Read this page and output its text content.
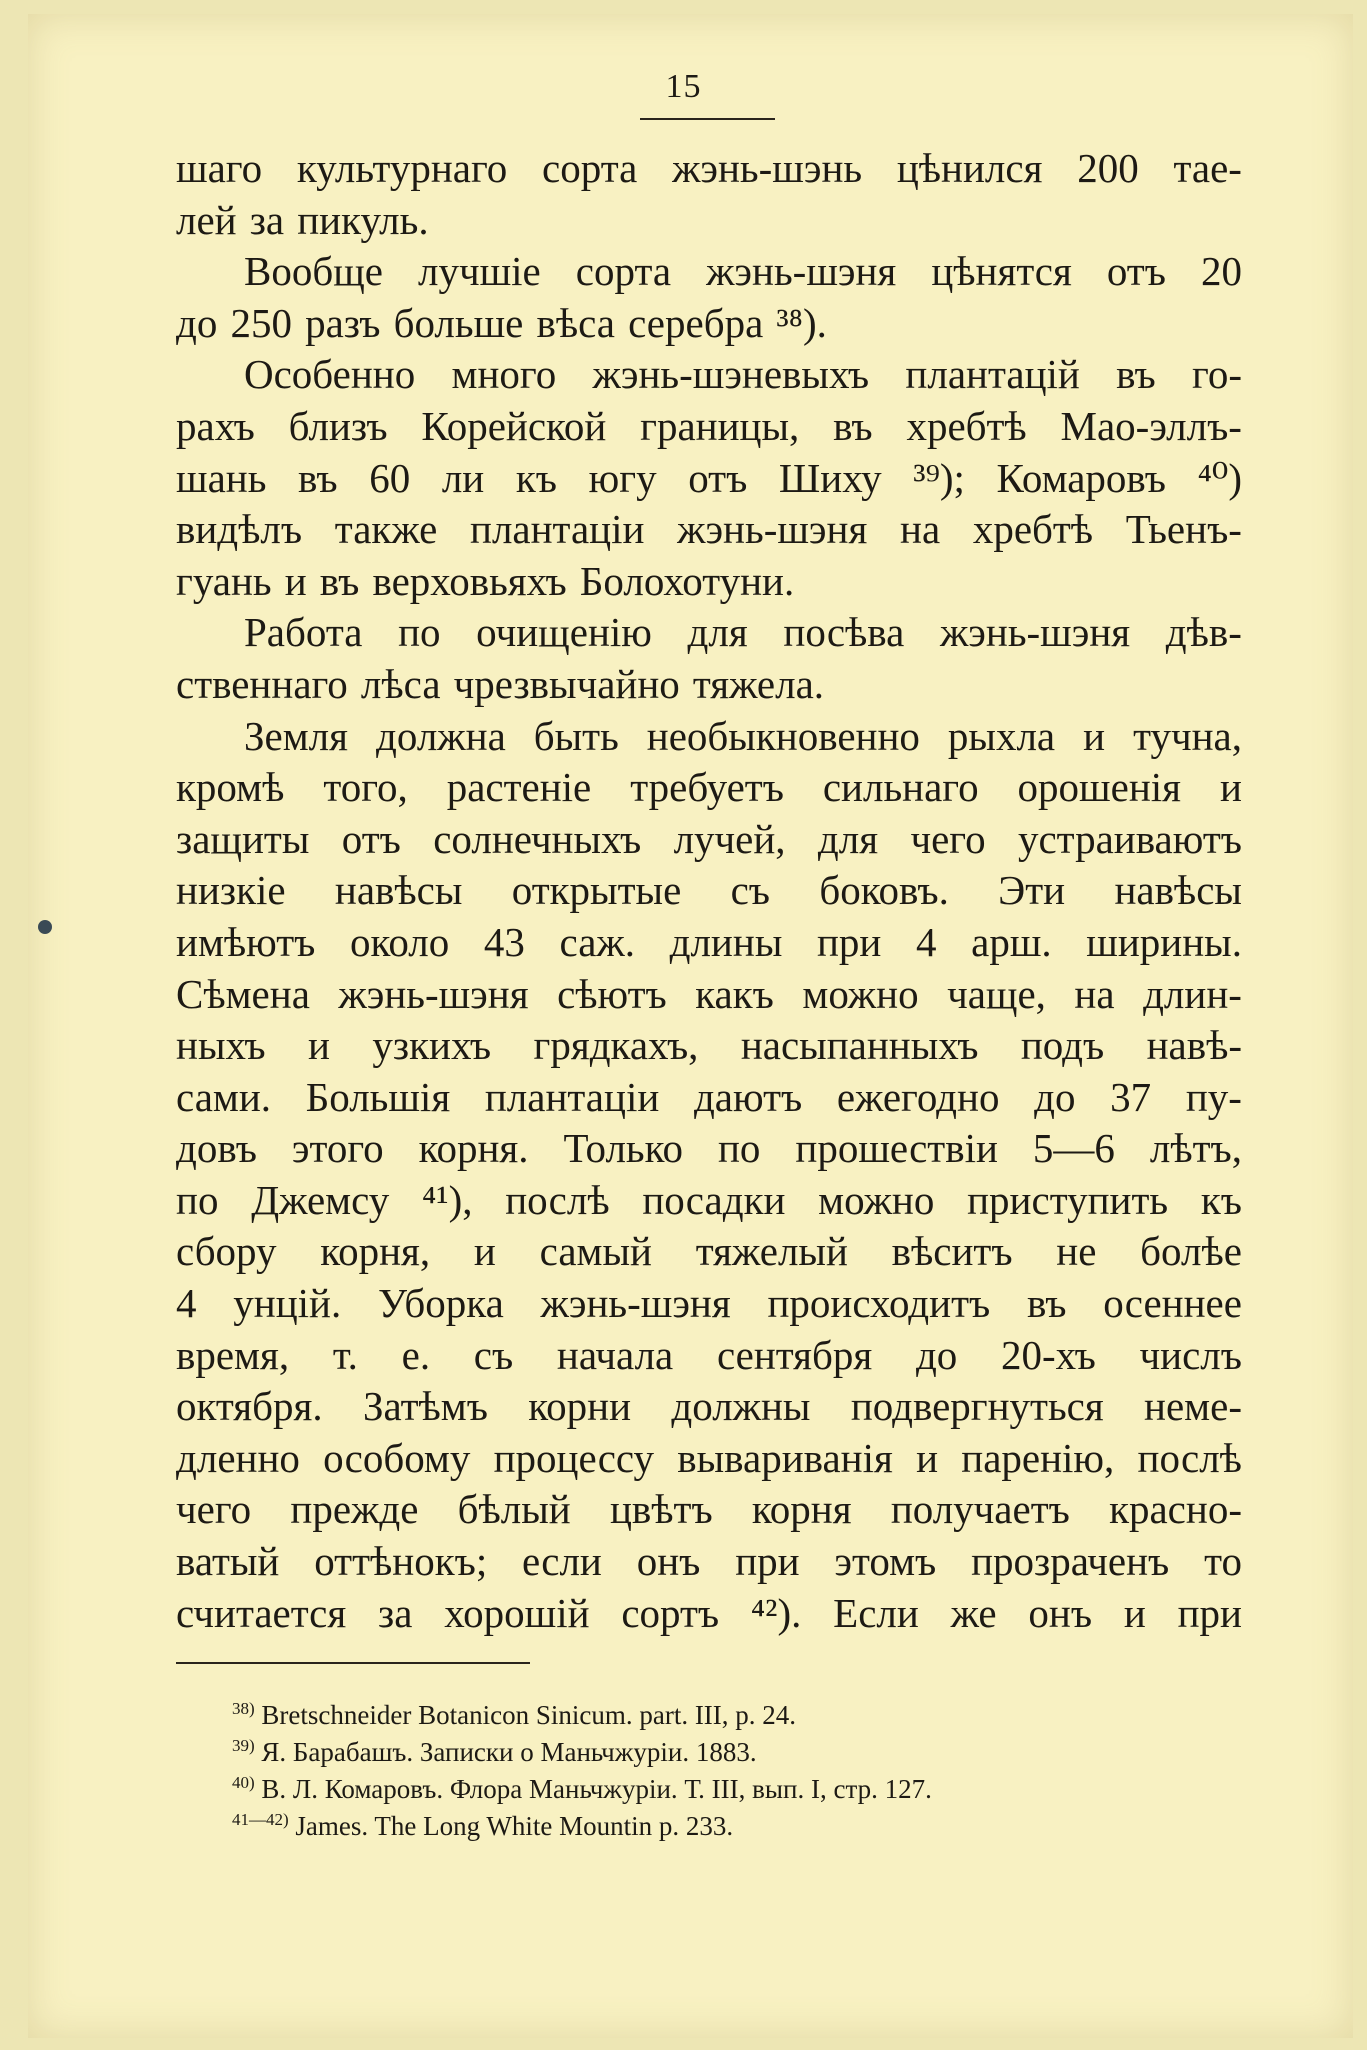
15
шаго культурнаго сорта жэнь-шэнь цѣнился 200 тае-
лей за пикуль.
Вообще лучшіе сорта жэнь-шэня цѣнятся отъ 20
до 250 разъ больше вѣса серебра ³⁸).
Особенно много жэнь-шэневыхъ плантацій въ го-
рахъ близъ Корейской границы, въ хребтѣ Мао-эллъ-
шань въ 60 ли къ югу отъ Шиху ³⁹); Комаровъ ⁴⁰)
видѣлъ также плантаціи жэнь-шэня на хребтѣ Тьенъ-
гуань и въ верховьяхъ Болохотуни.
Работа по очищенію для посѣва жэнь-шэня дѣв-
ственнаго лѣса чрезвычайно тяжела.
Земля должна быть необыкновенно рыхла и тучна,
кромѣ того, растеніе требуетъ сильнаго орошенія и
защиты отъ солнечныхъ лучей, для чего устраиваютъ
низкіе навѣсы открытые съ боковъ. Эти навѣсы
имѣютъ около 43 саж. длины при 4 арш. ширины.
Сѣмена жэнь-шэня сѣютъ какъ можно чаще, на длин-
ныхъ и узкихъ грядкахъ, насыпанныхъ подъ навѣ-
сами. Большія плантаціи даютъ ежегодно до 37 пу-
довъ этого корня. Только по прошествіи 5—6 лѣтъ,
по Джемсу ⁴¹), послѣ посадки можно приступить къ
сбору корня, и самый тяжелый вѣситъ не болѣе
4 унцій. Уборка жэнь-шэня происходитъ въ осеннее
время, т. е. съ начала сентября до 20-хъ числъ
октября. Затѣмъ корни должны подвергнуться неме-
дленно особому процессу вывариванія и паренію, послѣ
чего прежде бѣлый цвѣтъ корня получаетъ красно-
ватый оттѣнокъ; если онъ при этомъ прозраченъ то
считается за хорошій сортъ ⁴²). Если же онъ и при
$^{38)}$ Bretschneider Botanicon Sinicum. part. III, p. 24.
$^{39)}$ Я. Барабашъ. Записки о Маньчжуріи. 1883.
$^{40)}$ В. Л. Комаровъ. Флора Маньчжуріи. Т. III, вып. I, стр. 127.
$^{41—42)}$ James. The Long White Mountin p. 233.
